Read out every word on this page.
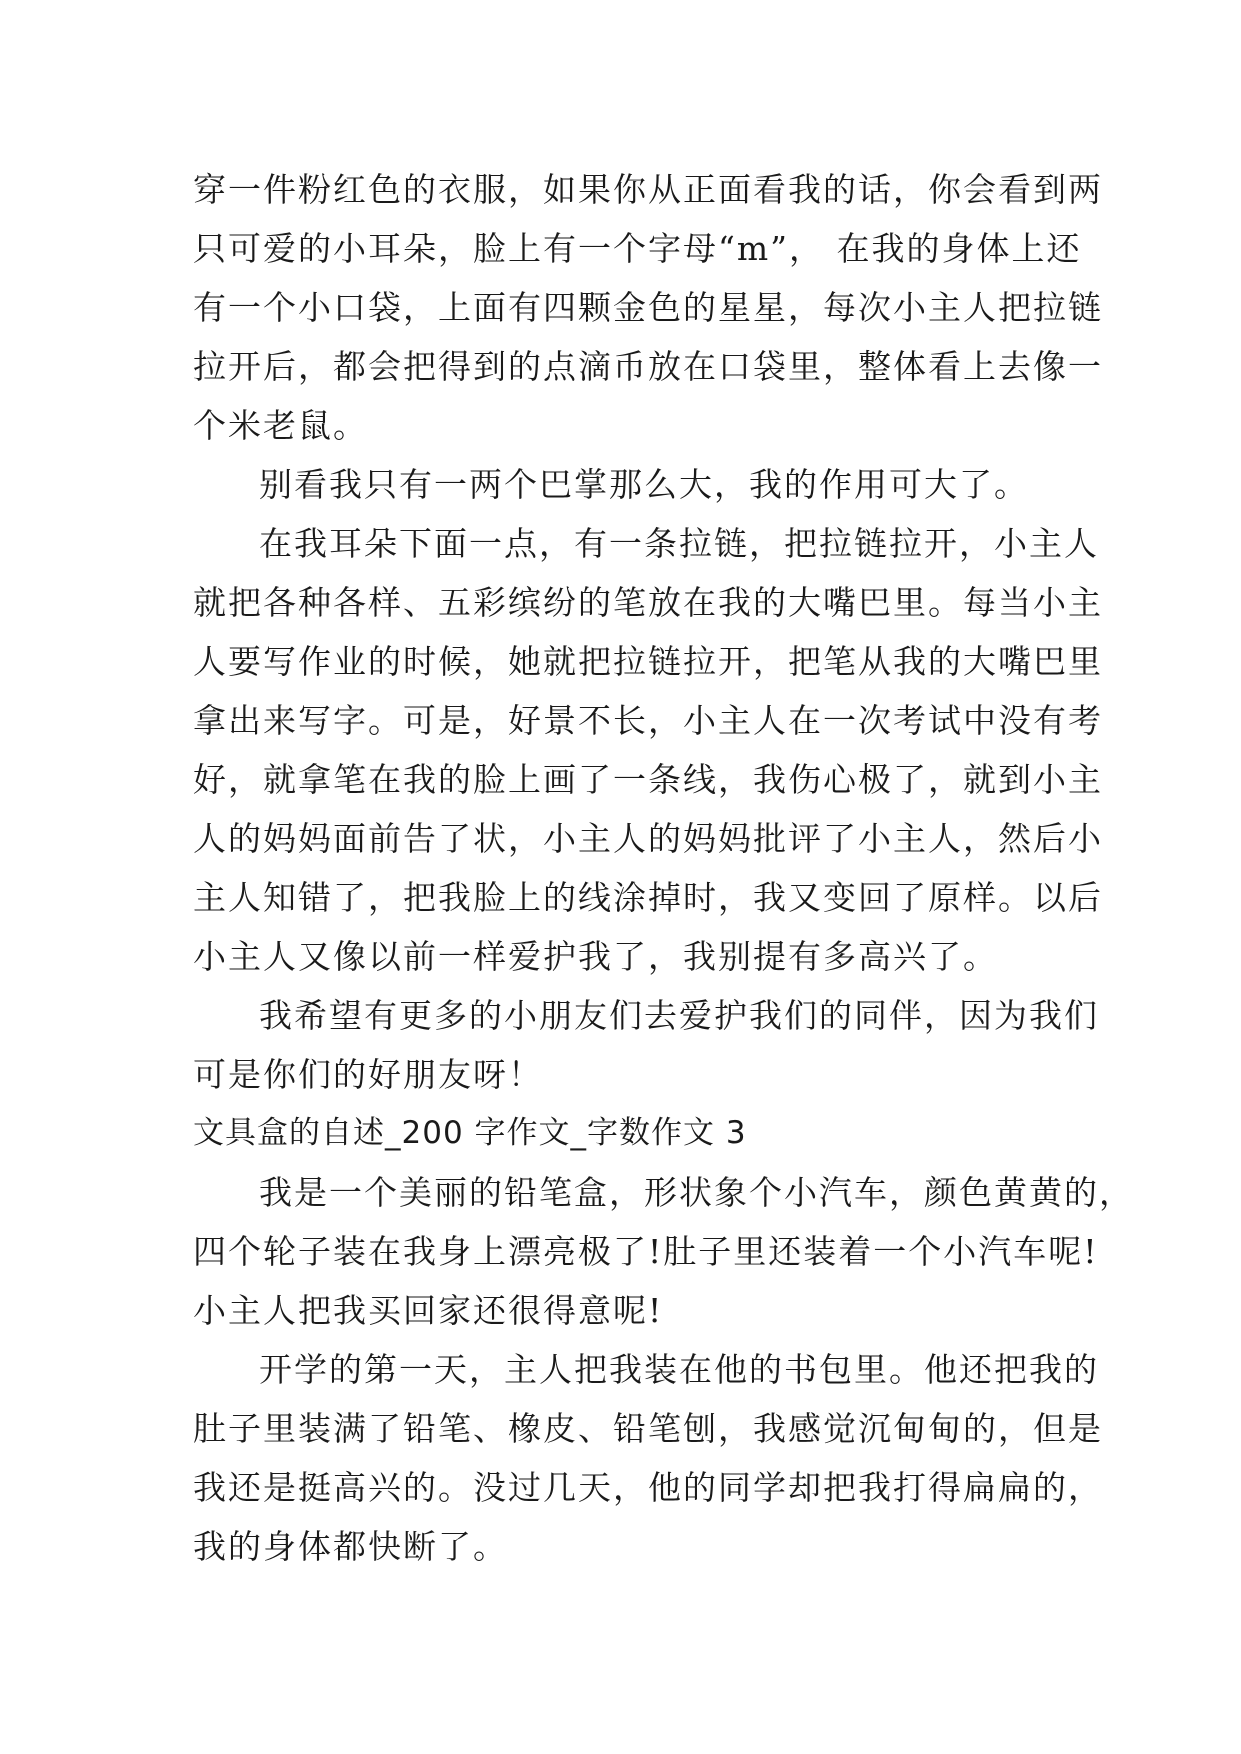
穿一件粉红色的衣服，如果你从正面看我的话，你会看到两
只可爱的小耳朵，脸上有一个字母“m”， 在我的身体上还
有一个小口袋，上面有四颗金色的星星，每次小主人把拉链
拉开后，都会把得到的点滴币放在口袋里，整体看上去像一
个米老鼠。
别看我只有一两个巴掌那么大，我的作用可大了。
在我耳朵下面一点，有一条拉链，把拉链拉开，小主人
就把各种各样、五彩缤纷的笔放在我的大嘴巴里。每当小主
人要写作业的时候，她就把拉链拉开，把笔从我的大嘴巴里
拿出来写字。可是，好景不长，小主人在一次考试中没有考
好，就拿笔在我的脸上画了一条线，我伤心极了，就到小主
人的妈妈面前告了状，小主人的妈妈批评了小主人，然后小
主人知错了，把我脸上的线涂掉时，我又变回了原样。以后
小主人又像以前一样爱护我了，我别提有多高兴了。
我希望有更多的小朋友们去爱护我们的同伴，因为我们
可是你们的好朋友呀！
文具盒的自述_200 字作文_字数作文 3
我是一个美丽的铅笔盒，形状象个小汽车，颜色黄黄的，
四个轮子装在我身上漂亮极了!肚子里还装着一个小汽车呢!
小主人把我买回家还很得意呢!
开学的第一天，主人把我装在他的书包里。他还把我的
肚子里装满了铅笔、橡皮、铅笔刨，我感觉沉甸甸的，但是
我还是挺高兴的。没过几天，他的同学却把我打得扁扁的，
我的身体都快断了。
